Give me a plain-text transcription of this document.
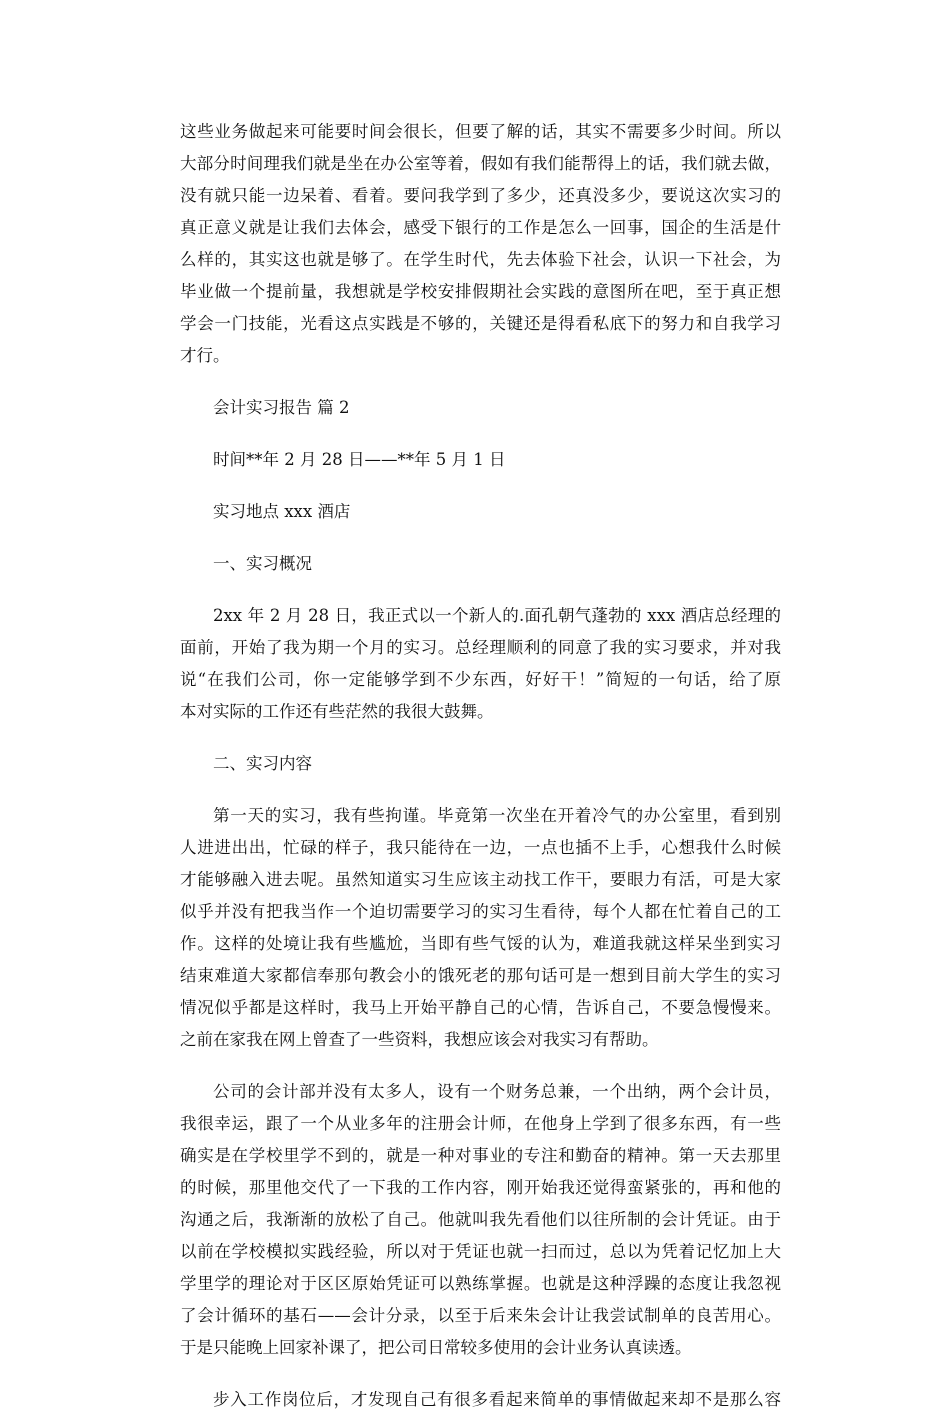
这些业务做起来可能要时间会很长，但要了解的话，其实不需要多少时间。所以
大部分时间理我们就是坐在办公室等着，假如有我们能帮得上的话，我们就去做，
没有就只能一边呆着、看着。要问我学到了多少，还真没多少，要说这次实习的
真正意义就是让我们去体会，感受下银行的工作是怎么一回事，国企的生活是什
么样的，其实这也就是够了。在学生时代，先去体验下社会，认识一下社会，为
毕业做一个提前量，我想就是学校安排假期社会实践的意图所在吧，至于真正想
学会一门技能，光看这点实践是不够的，关键还是得看私底下的努力和自我学习
才行。
会计实习报告 篇 2
时间**年 2 月 28 日——**年 5 月 1 日
实习地点 xxx 酒店
一、实习概况
2xx 年 2 月 28 日，我正式以一个新人的.面孔朝气蓬勃的 xxx 酒店总经理的
面前，开始了我为期一个月的实习。总经理顺利的同意了我的实习要求，并对我
说“在我们公司，你一定能够学到不少东西，好好干！”简短的一句话，给了原
本对实际的工作还有些茫然的我很大鼓舞。
二、实习内容
第一天的实习，我有些拘谨。毕竟第一次坐在开着冷气的办公室里，看到别
人进进出出，忙碌的样子，我只能待在一边，一点也插不上手，心想我什么时候
才能够融入进去呢。虽然知道实习生应该主动找工作干，要眼力有活，可是大家
似乎并没有把我当作一个迫切需要学习的实习生看待，每个人都在忙着自己的工
作。这样的处境让我有些尴尬，当即有些气馁的认为，难道我就这样呆坐到实习
结束难道大家都信奉那句教会小的饿死老的那句话可是一想到目前大学生的实习
情况似乎都是这样时，我马上开始平静自己的心情，告诉自己，不要急慢慢来。
之前在家我在网上曾查了一些资料，我想应该会对我实习有帮助。
公司的会计部并没有太多人，设有一个财务总兼，一个出纳，两个会计员，
我很幸运，跟了一个从业多年的注册会计师，在他身上学到了很多东西，有一些
确实是在学校里学不到的，就是一种对事业的专注和勤奋的精神。第一天去那里
的时候，那里他交代了一下我的工作内容，刚开始我还觉得蛮紧张的，再和他的
沟通之后，我渐渐的放松了自己。他就叫我先看他们以往所制的会计凭证。由于
以前在学校模拟实践经验，所以对于凭证也就一扫而过，总以为凭着记忆加上大
学里学的理论对于区区原始凭证可以熟练掌握。也就是这种浮躁的态度让我忽视
了会计循环的基石——会计分录，以至于后来朱会计让我尝试制单的良苦用心。
于是只能晚上回家补课了，把公司日常较多使用的会计业务认真读透。
步入工作岗位后，才发现自己有很多看起来简单的事情做起来却不是那么容
